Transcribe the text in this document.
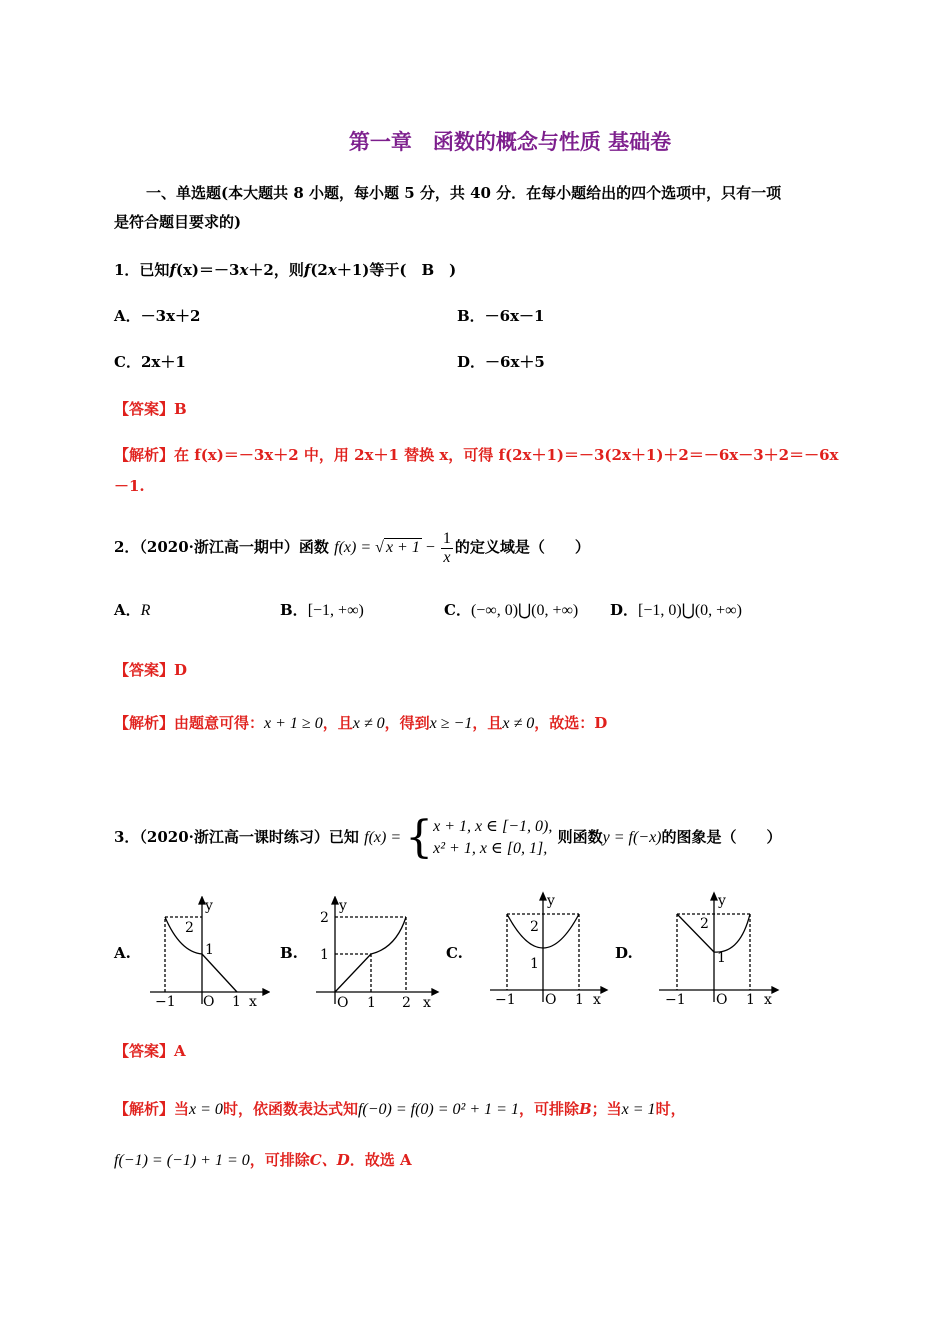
第一章　函数的概念与性质 基础卷
一、单选题(本大题共 8 小题，每小题 5 分，共 40 分．在每小题给出的四个选项中，只有一项
是符合题目要求的)
1．已知f(x)＝－3x＋2，则f(2x＋1)等于(　B　)
A．－3x＋2	B．－6x－1
C．2x＋1	D．－6x＋5
【答案】B
【解析】在 f(x)＝－3x＋2 中，用 2x＋1 替换 x，可得 f(2x＋1)＝－3(2x＋1)＋2＝－6x－3＋2＝－6x
－1.
2．（2020·浙江高一期中）函数 f(x) = √ $x + 1 - \frac{1}{x}$ 的定义域是（　　）
A．R	B．[−1, +∞)	C．(−∞, 0)⋃(0, +∞) D．[−1, 0)⋃(0, +∞)
【答案】D
【解析】由题意可得：x + 1 ≥ 0，且x ≠ 0，得到x ≥ −1，且x ≠ 0，故选：D
3．（2020·浙江高一课时练习）已知 f(x) = { x + 1, x ∈ [−1, 0),
x² + 1, x ∈ [0, 1],
则函数y = f(−x)的图象是（　　）
A.	B.	C.	D.
y
2
1
−1 O 1 x
y
2
1
O 1 2 x
y
2
1
−1 O 1 x
y
2
1
−1 O 1 x
【答案】A
【解析】当x = 0时，依函数表达式知f(−0) = f(0) = 0² + 1 = 1，可排除B；当x = 1时，
f(−1) = (−1) + 1 = 0，可排除C、D．故选 A
